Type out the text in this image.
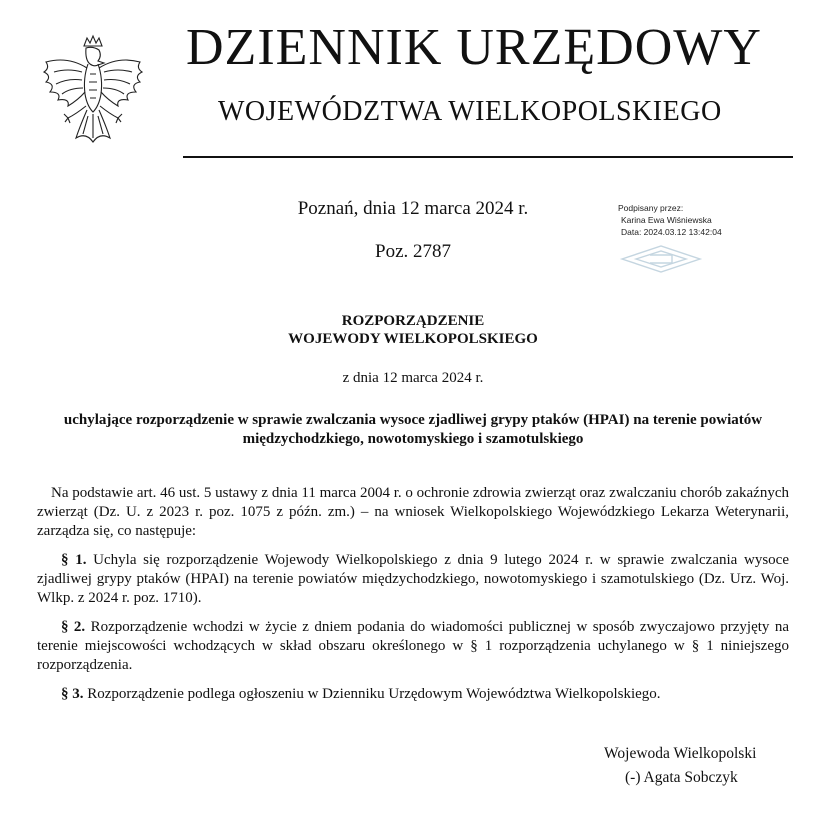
DZIENNIK URZĘDOWY
WOJEWÓDZTWA WIELKOPOLSKIEGO
Poznań, dnia 12 marca 2024 r.
Poz. 2787
Podpisany przez:
Karina Ewa Wiśniewska
Data: 2024.03.12 13:42:04
ROZPORZĄDZENIE
WOJEWODY WIELKOPOLSKIEGO
z dnia 12 marca 2024 r.
uchylające rozporządzenie w sprawie zwalczania wysoce zjadliwej grypy ptaków (HPAI) na terenie powiatów międzychodzkiego, nowotomyskiego i szamotulskiego

Na podstawie art. 46 ust. 5 ustawy z dnia 11 marca 2004 r. o ochronie zdrowia zwierząt oraz zwalczaniu chorób zakaźnych zwierząt (Dz. U. z 2023 r. poz. 1075 z późn. zm.) – na wniosek Wielkopolskiego Wojewódzkiego Lekarza Weterynarii, zarządza się, co następuje:

§ 1. Uchyla się rozporządzenie Wojewody Wielkopolskiego z dnia 9 lutego 2024 r. w sprawie zwalczania wysoce zjadliwej grypy ptaków (HPAI) na terenie powiatów międzychodzkiego, nowotomyskiego i szamotulskiego (Dz. Urz. Woj. Wlkp. z 2024 r. poz. 1710).

§ 2. Rozporządzenie wchodzi w życie z dniem podania do wiadomości publicznej w sposób zwyczajowo przyjęty na terenie miejscowości wchodzących w skład obszaru określonego w § 1 rozporządzenia uchylanego w § 1 niniejszego rozporządzenia.

§ 3. Rozporządzenie podlega ogłoszeniu w Dzienniku Urzędowym Województwa Wielkopolskiego.

Wojewoda Wielkopolski
(-) Agata Sobczyk
